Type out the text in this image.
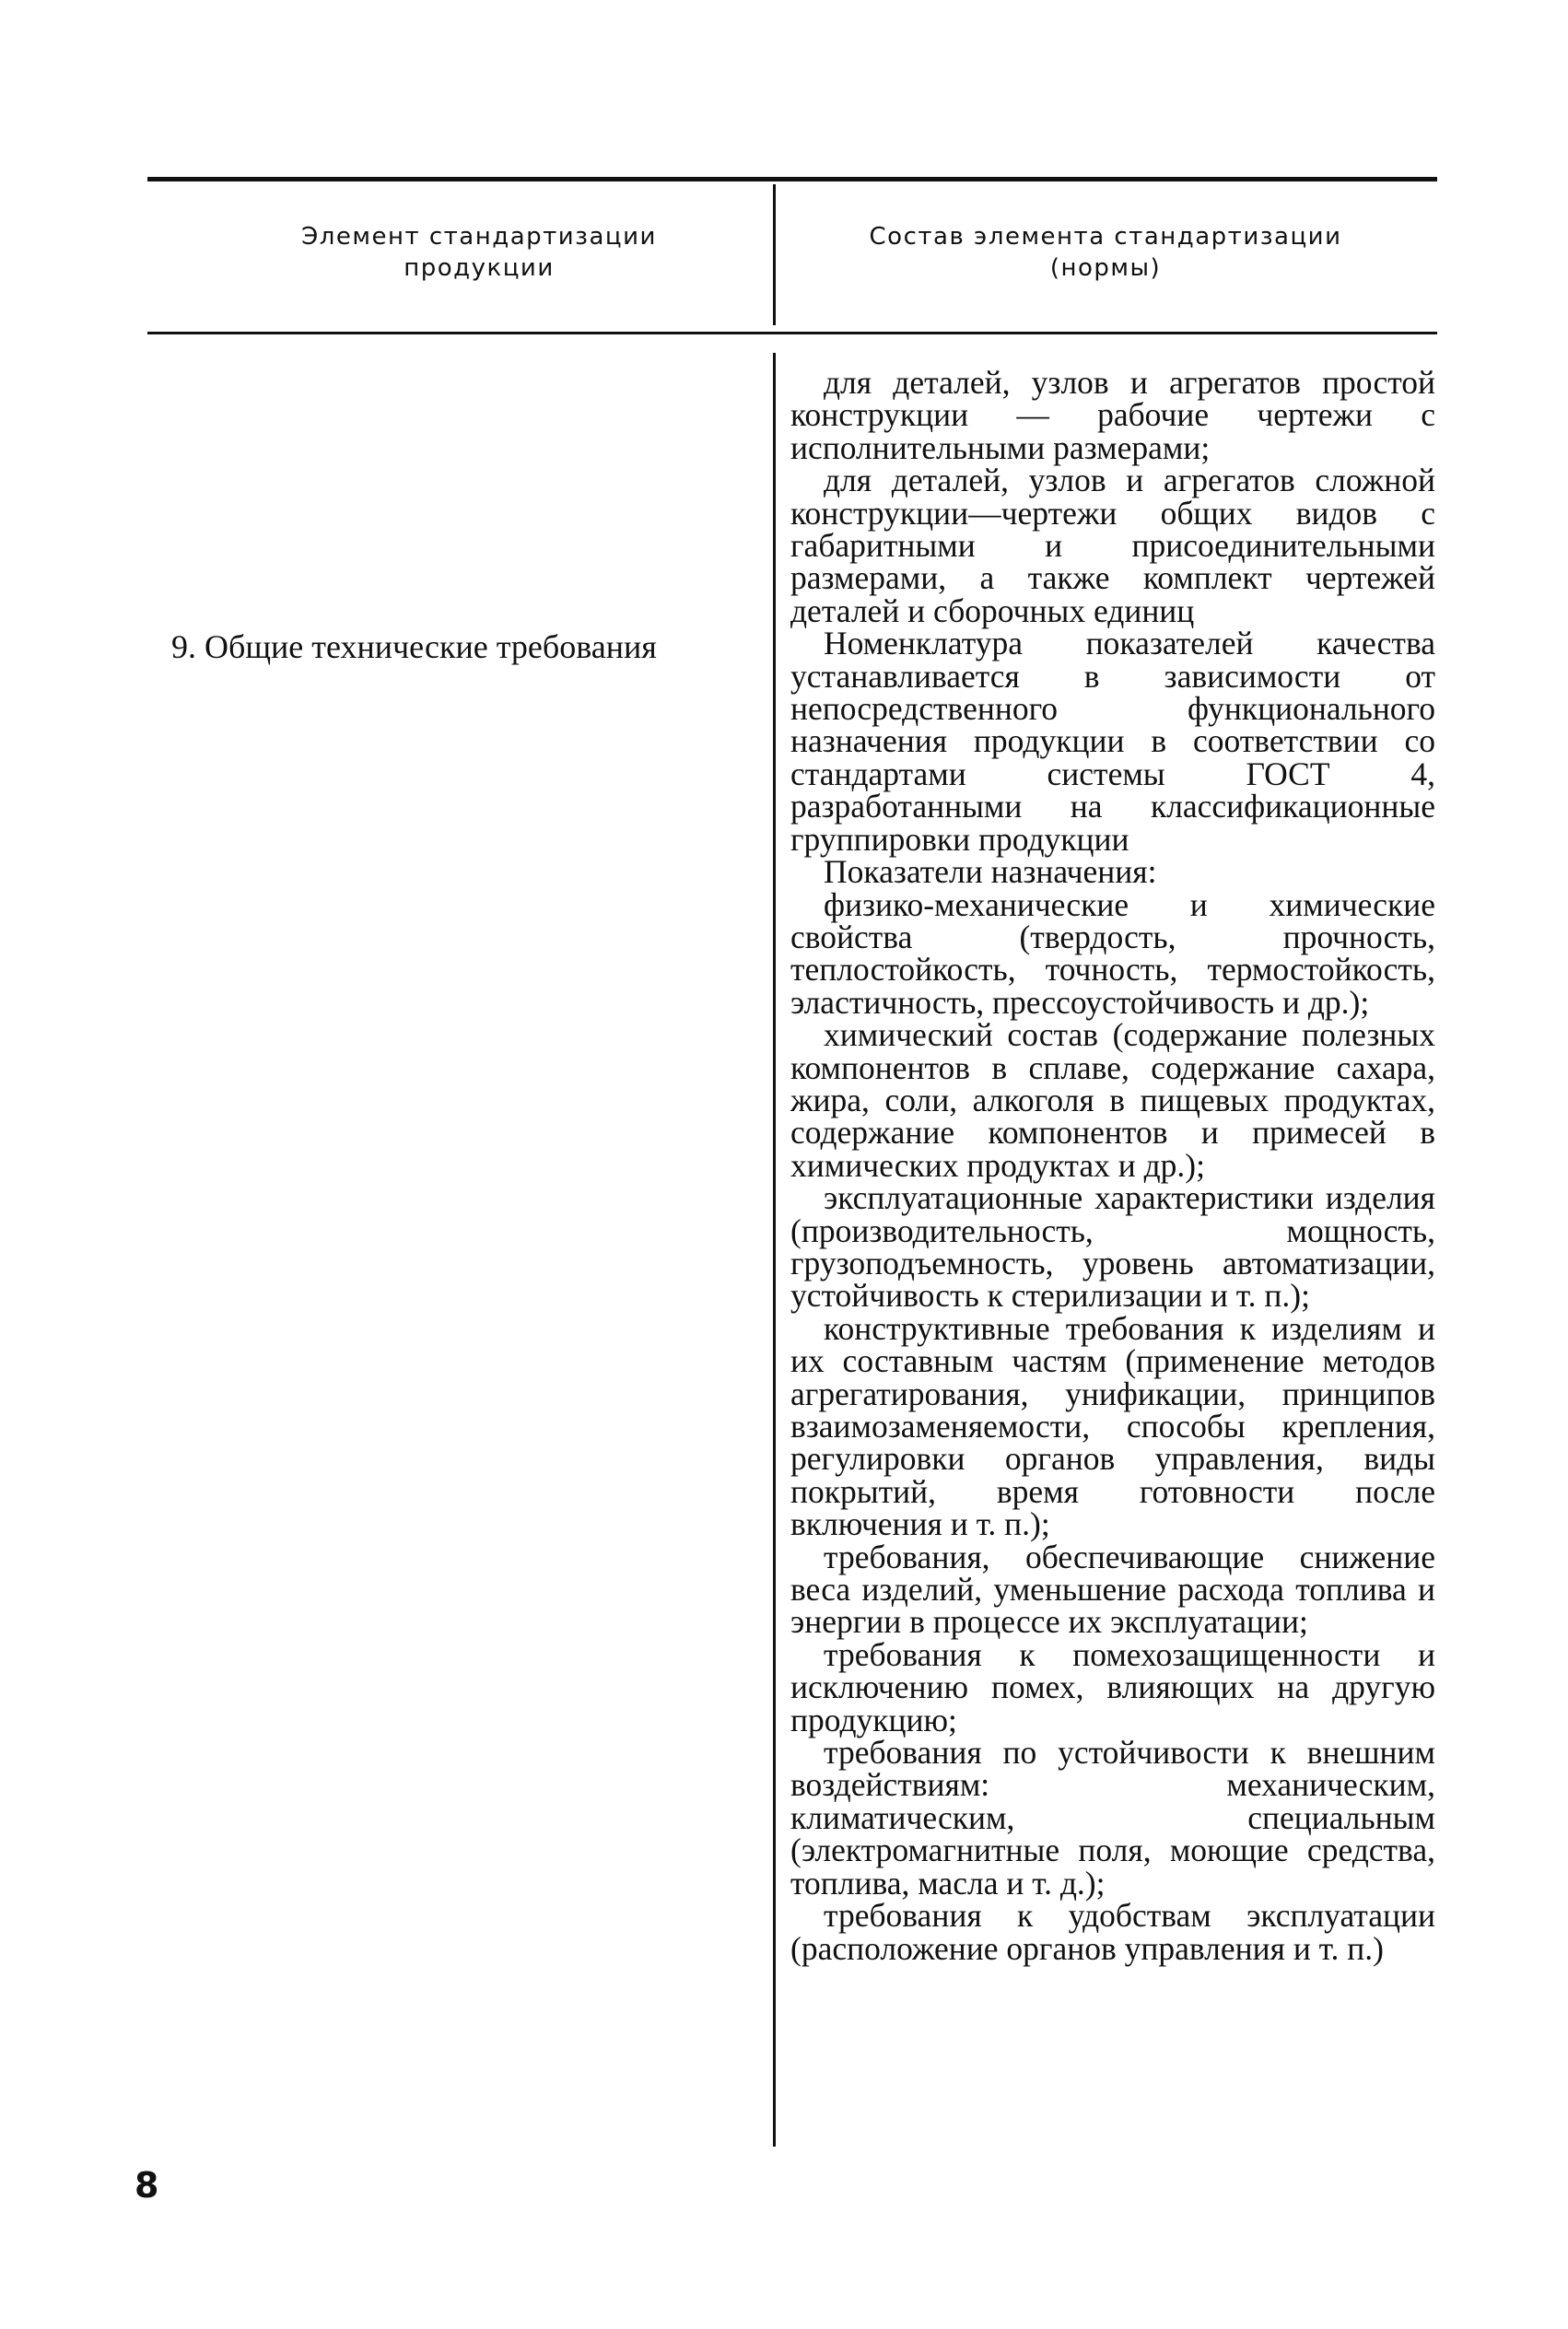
Элемент стандартизации
продукции
Состав элемента стандартизации
(нормы)
9. Общие технические требования

для деталей, узлов и агрегатов простой конструкции — рабочие чертежи с исполнительными размерами;

для деталей, узлов и агрегатов сложной конструкции—чертежи общих видов с габаритными и присоединительными размерами, а также комплект чертежей деталей и сборочных единиц

Номенклатура показателей качества устанавливается в зависимости от непосредственного функционального назначения продукции в соответствии со стандартами системы ГОСТ 4, разработанными на классификационные группировки продукции

Показатели назначения:

физико-механические и химические свойства (твердость, прочность, теплостойкость, точность, термостойкость, эластичность, прессоустойчивость и др.);

химический состав (содержание полезных компонентов в сплаве, содержание сахара, жира, соли, алкоголя в пищевых продуктах, содержание компонентов и примесей в химических продуктах и др.);

эксплуатационные характеристики изделия (производительность, мощность, грузоподъемность, уровень автоматизации, устойчивость к стерилизации и т. п.);

конструктивные требования к изделиям и их составным частям (применение методов агрегатирования, унификации, принципов взаимозаменяемости, способы крепления, регулировки органов управления, виды покрытий, время готовности после включения и т. п.);

требования, обеспечивающие снижение веса изделий, уменьшение расхода топлива и энергии в процессе их эксплуатации;

требования к помехозащищенности и исключению помех, влияющих на другую продукцию;

требования по устойчивости к внешним воздействиям: механическим, климатическим, специальным (электромагнитные поля, моющие средства, топлива, масла и т. д.);

требования к удобствам эксплуатации (расположение органов управления и т. п.)

8
